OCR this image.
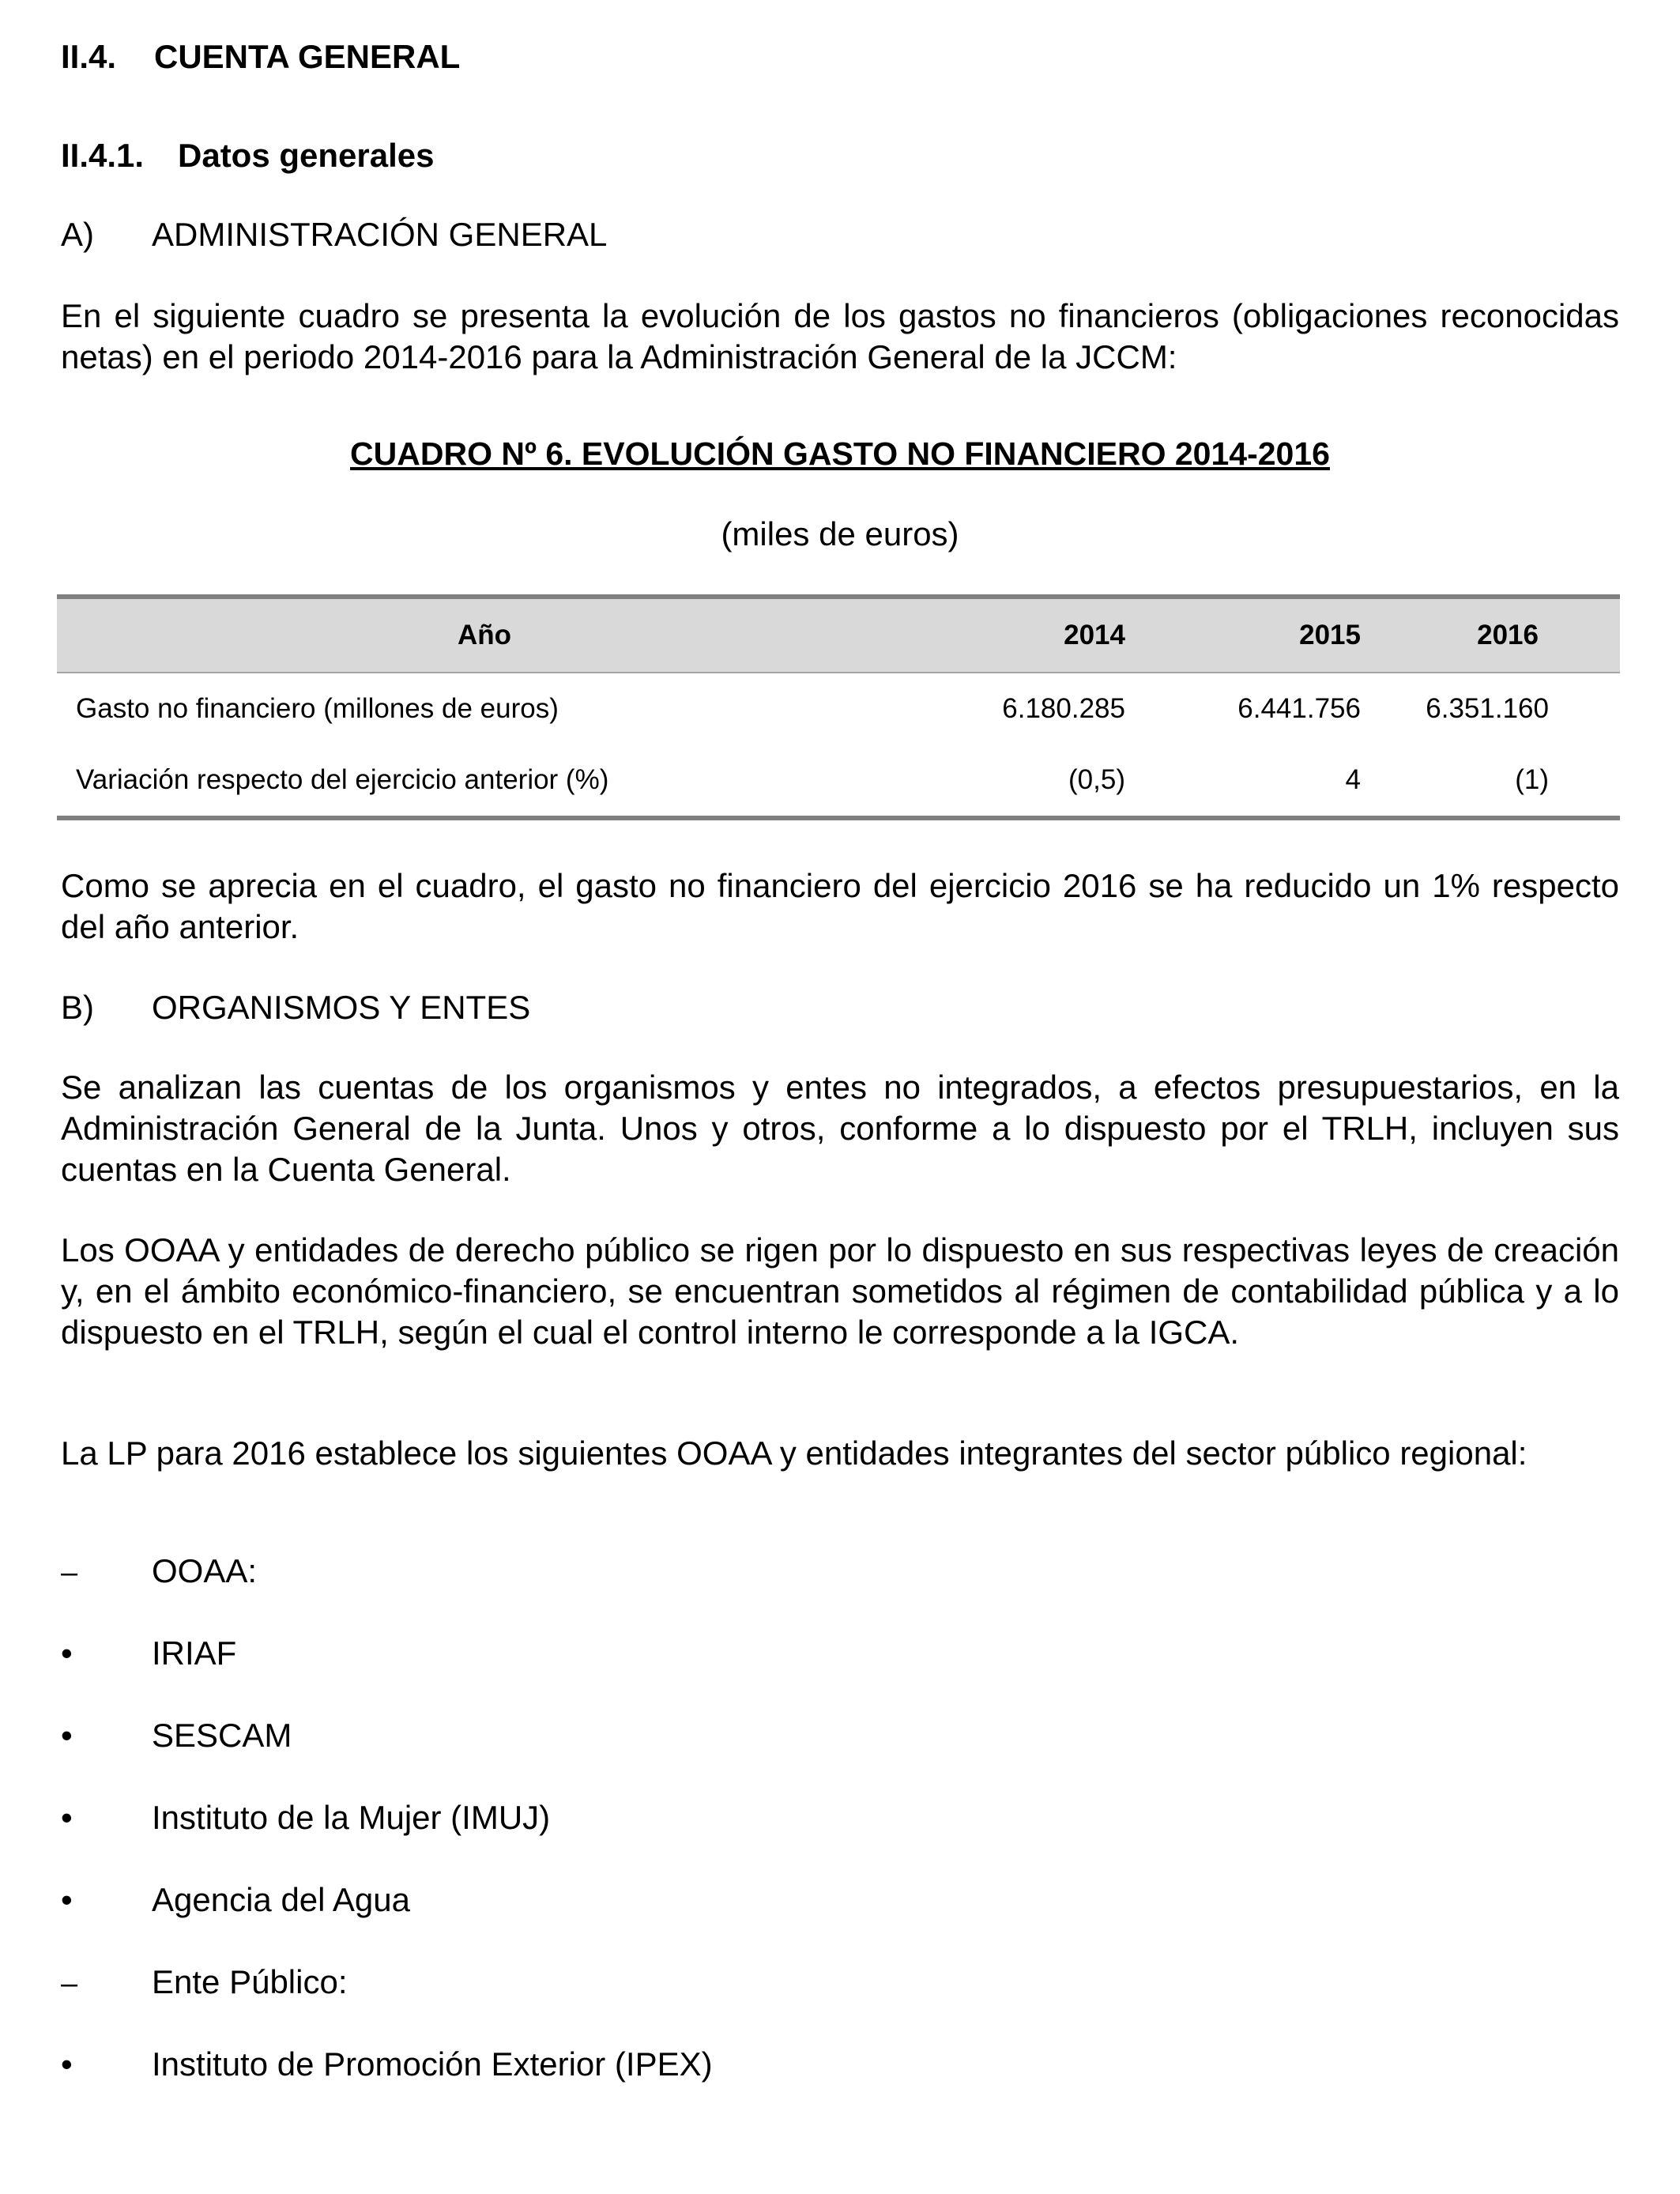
II.4. CUENTA GENERAL
II.4.1. Datos generales
A) ADMINISTRACIÓN GENERAL
En el siguiente cuadro se presenta la evolución de los gastos no financieros (obligaciones reconocidas netas) en el periodo 2014-2016 para la Administración General de la JCCM:
CUADRO Nº 6. EVOLUCIÓN GASTO NO FINANCIERO 2014-2016
(miles de euros)
Año	2014	2015	2016
Gasto no financiero (millones de euros)	6.180.285	6.441.756	6.351.160
Variación respecto del ejercicio anterior (%)	(0,5)	4	(1)
Como se aprecia en el cuadro, el gasto no financiero del ejercicio 2016 se ha reducido un 1% respecto del año anterior.
B) ORGANISMOS Y ENTES
Se analizan las cuentas de los organismos y entes no integrados, a efectos presupuestarios, en la Administración General de la Junta. Unos y otros, conforme a lo dispuesto por el TRLH, incluyen sus cuentas en la Cuenta General.
Los OOAA y entidades de derecho público se rigen por lo dispuesto en sus respectivas leyes de creación y, en el ámbito económico-financiero, se encuentran sometidos al régimen de contabilidad pública y a lo dispuesto en el TRLH, según el cual el control interno le corresponde a la IGCA.
La LP para 2016 establece los siguientes OOAA y entidades integrantes del sector público regional:
– OOAA:
• IRIAF
• SESCAM
• Instituto de la Mujer (IMUJ)
• Agencia del Agua
– Ente Público:
• Instituto de Promoción Exterior (IPEX)
